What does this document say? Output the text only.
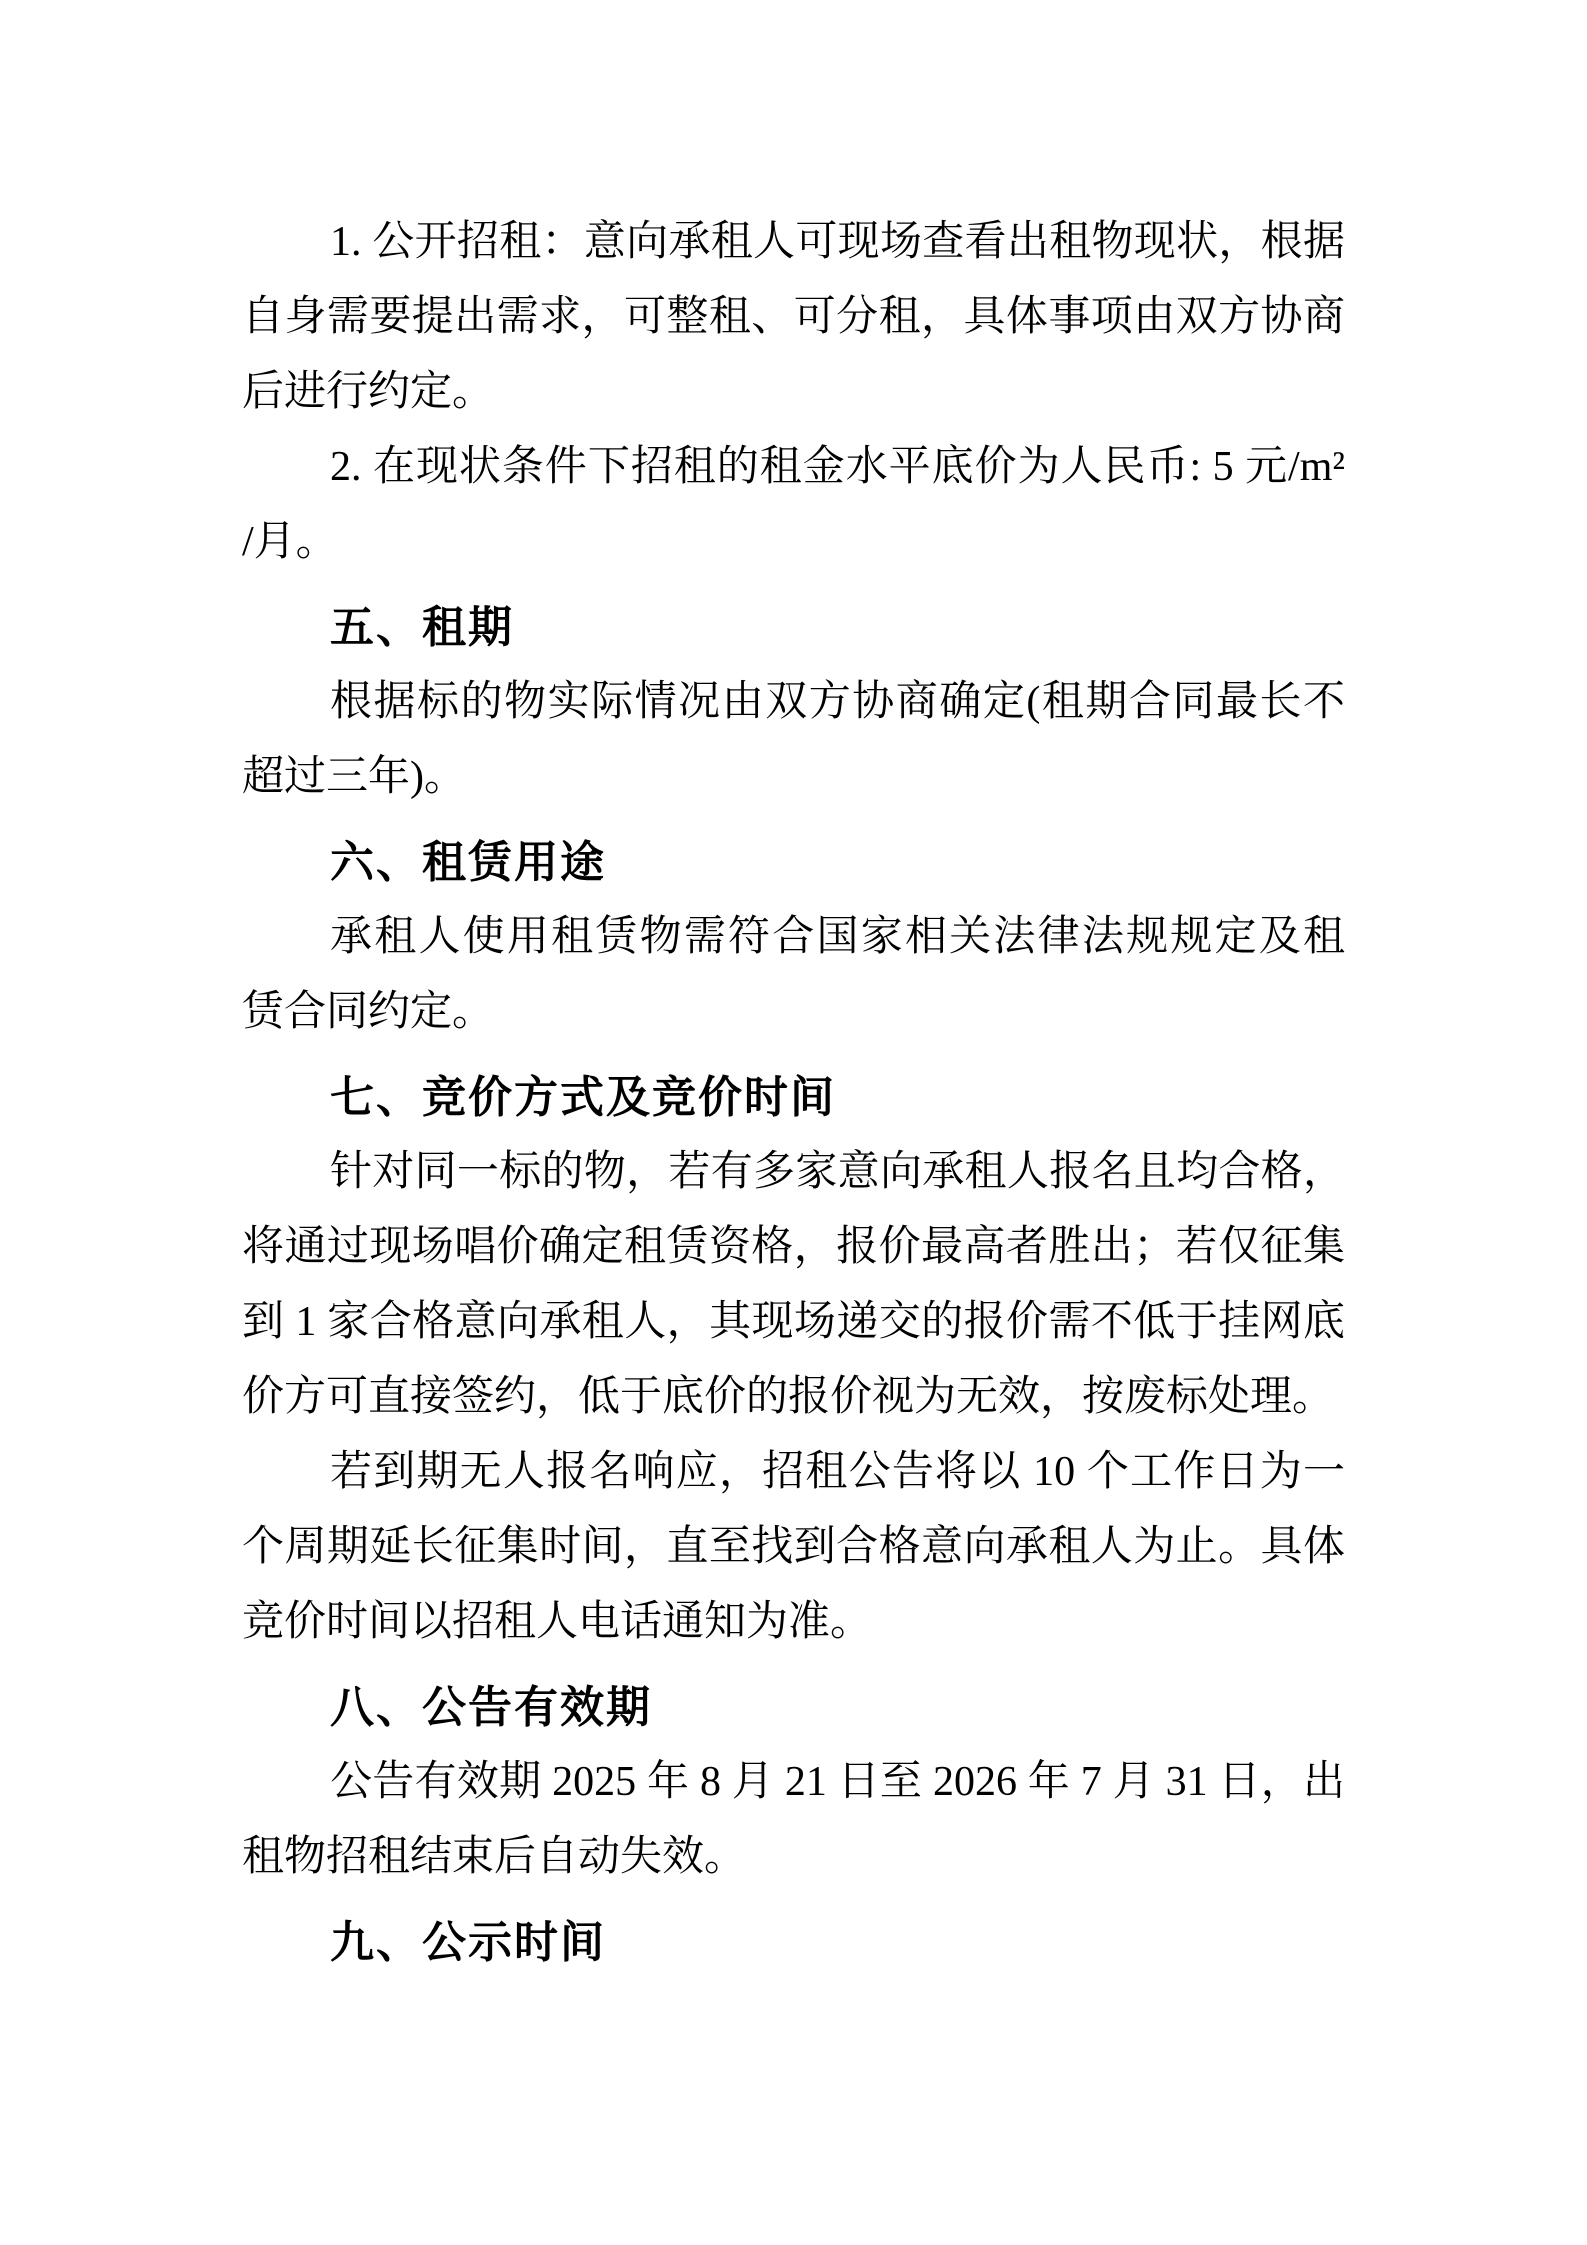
1. 公开招租：意向承租人可现场查看出租物现状，根据
自身需要提出需求，可整租、可分租，具体事项由双方协商
后进行约定。
2. 在现状条件下招租的租金水平底价为人民币: 5 元/m²
/月。
五、租期
根据标的物实际情况由双方协商确定(租期合同最长不
超过三年)。
六、租赁用途
承租人使用租赁物需符合国家相关法律法规规定及租
赁合同约定。
七、竞价方式及竞价时间
针对同一标的物，若有多家意向承租人报名且均合格，
将通过现场唱价确定租赁资格，报价最高者胜出；若仅征集
到 1 家合格意向承租人，其现场递交的报价需不低于挂网底
价方可直接签约，低于底价的报价视为无效，按废标处理。
若到期无人报名响应，招租公告将以 10 个工作日为一
个周期延长征集时间，直至找到合格意向承租人为止。具体
竞价时间以招租人电话通知为准。
八、公告有效期
公告有效期 2025 年 8 月 21 日至 2026 年 7 月 31 日，出
租物招租结束后自动失效。
九、公示时间
